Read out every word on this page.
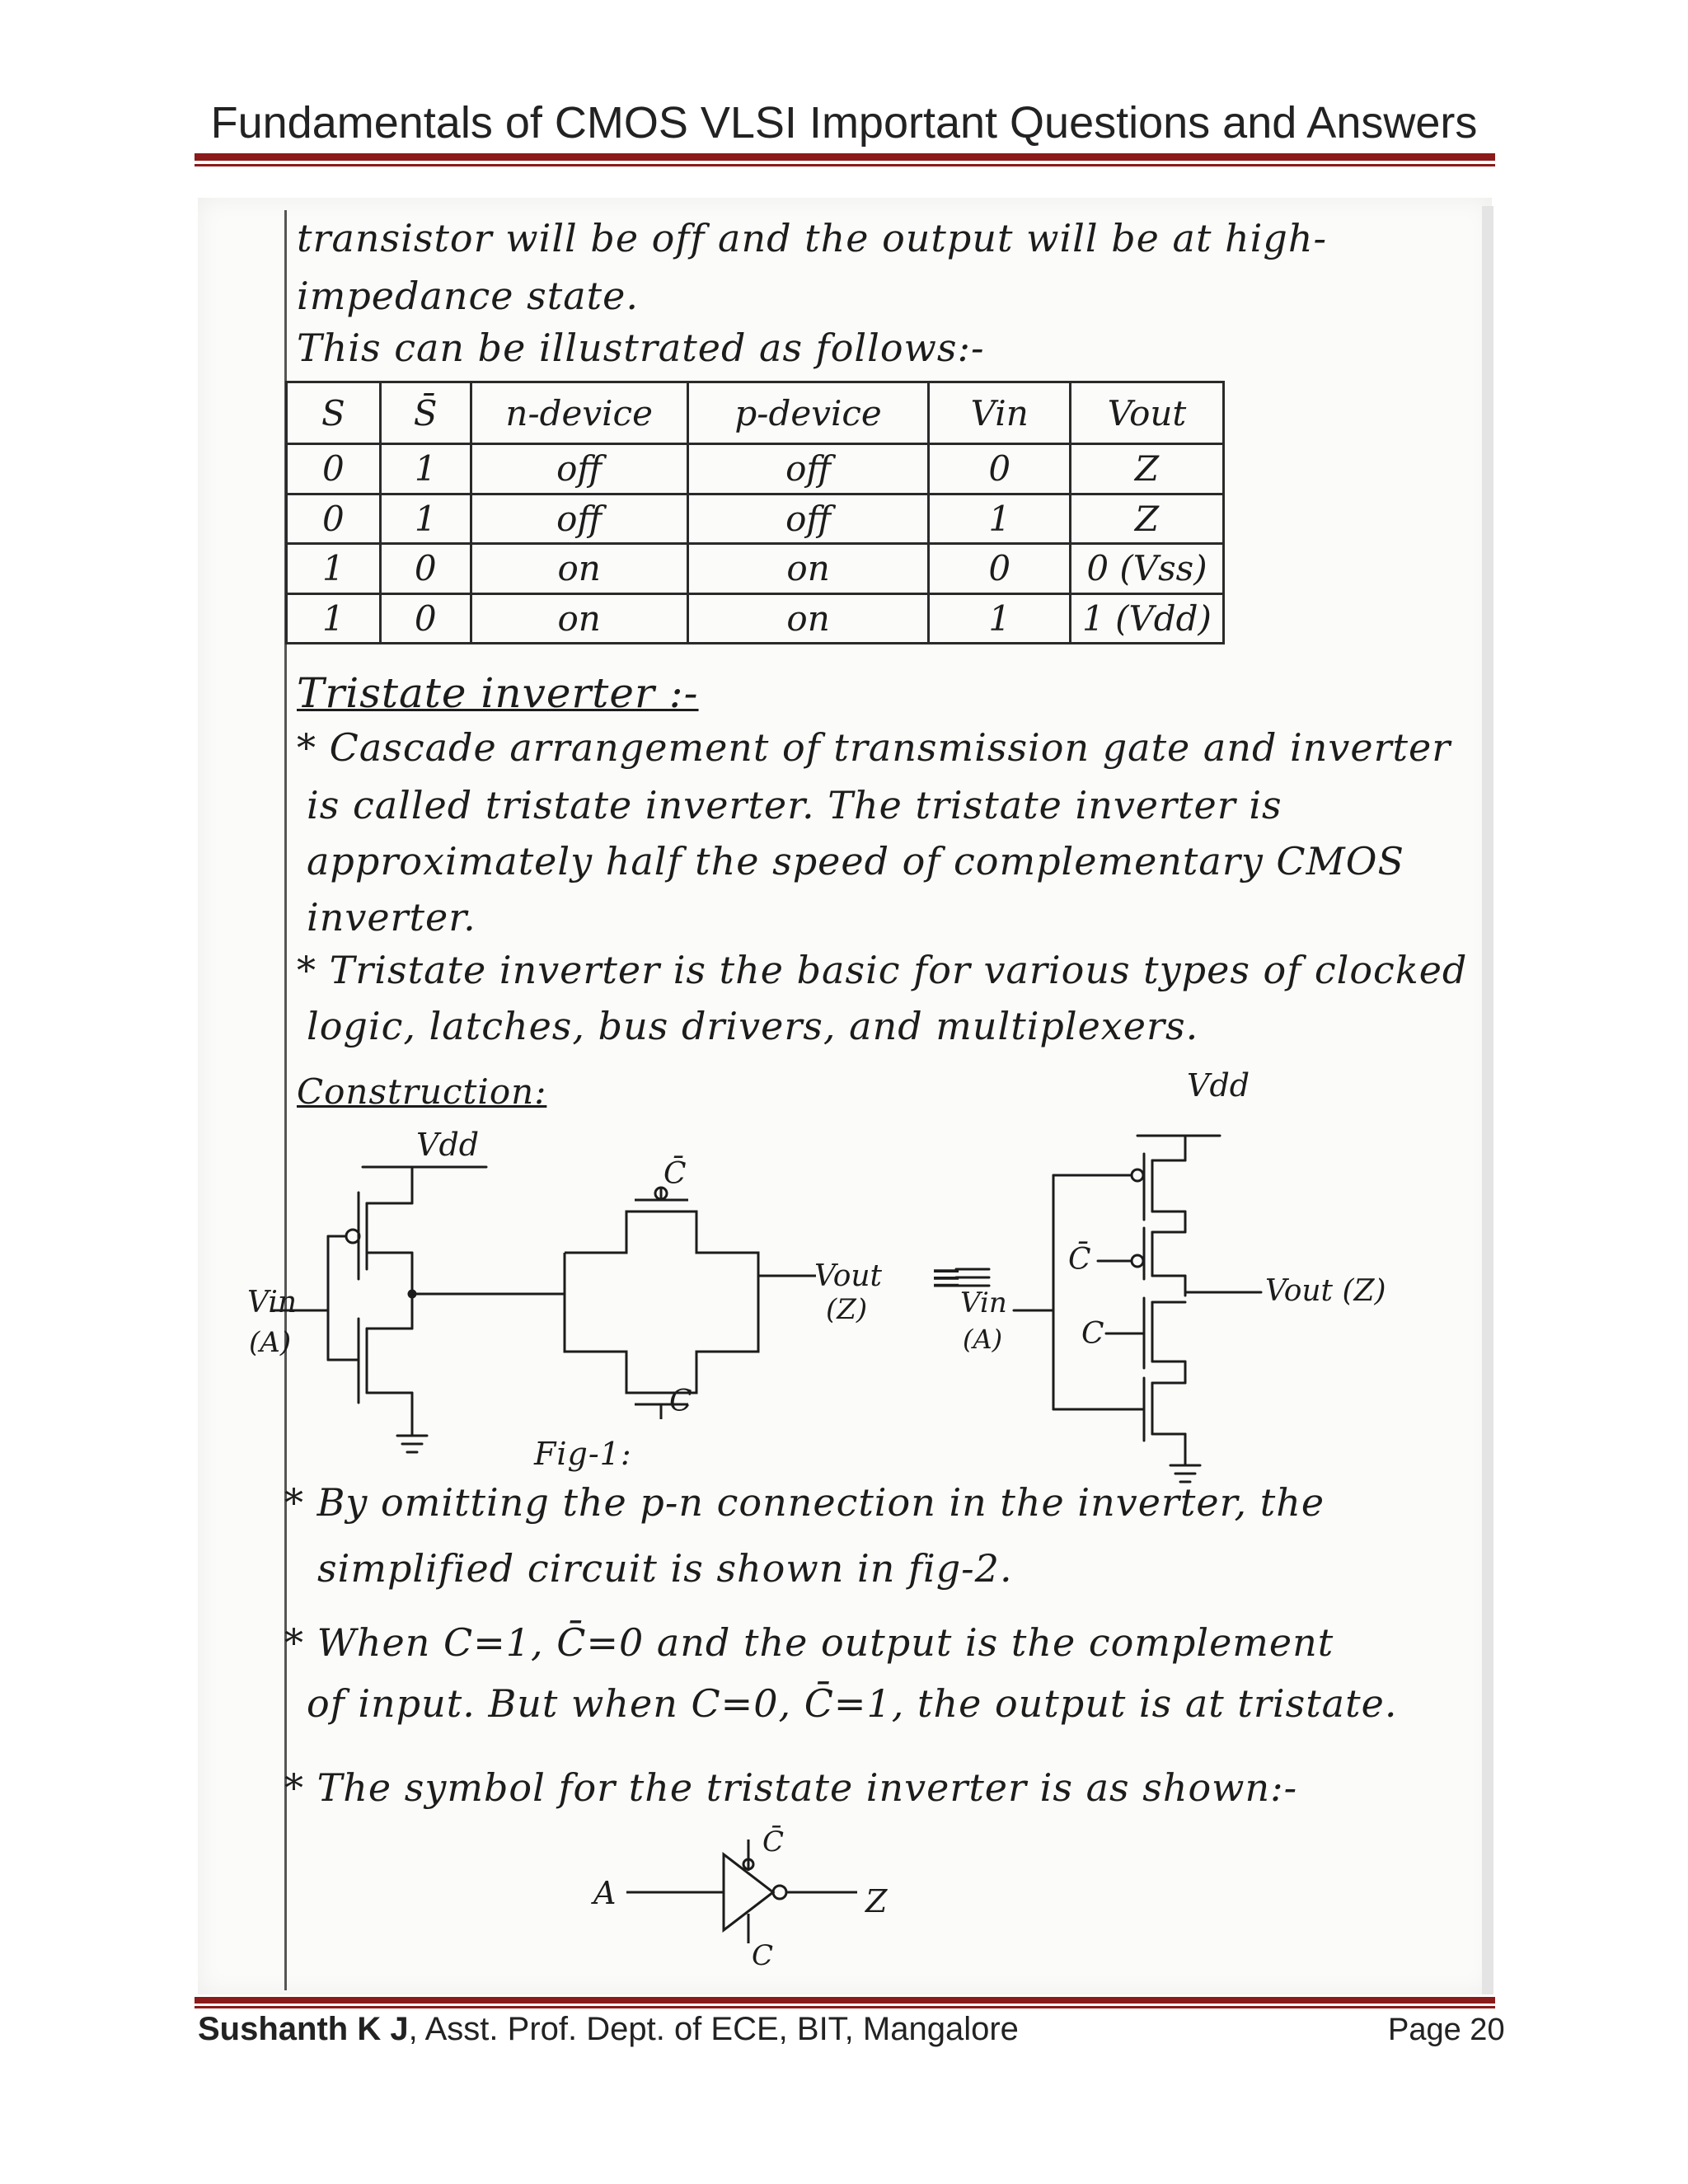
Fundamentals of CMOS VLSI Important Questions and Answers
transistor will be off and the output will be at high-
impedance state.
This can be illustrated as follows:-
S	S̄	n-device	p-device	Vin	Vout
0	1	off	off	0	Z
0	1	off	off	1	Z
1	0	on	on	0	0 (Vss)
1	0	on	on	1	1 (Vdd)
Tristate inverter :-
* Cascade arrangement of transmission gate and inverter
is called tristate inverter. The tristate inverter is
approximately half the speed of complementary CMOS
inverter.
* Tristate inverter is the basic for various types of clocked
logic, latches, bus drivers, and multiplexers.
Construction:
Vdd
Vin
(A)
C̄
C
Vout
(Z)
≡
Vin
(A)
Vdd
C̄
C
Vout (Z)
A	Z
C̄
C
Fig-1:
* By omitting the p-n connection in the inverter, the
simplified circuit is shown in fig-2.
* When C=1, C̄=0 and the output is the complement
of input. But when C=0, C̄=1, the output is at tristate.
* The symbol for the tristate inverter is as shown:-
Sushanth K J, Asst. Prof. Dept. of ECE, BIT, Mangalore	Page 20
